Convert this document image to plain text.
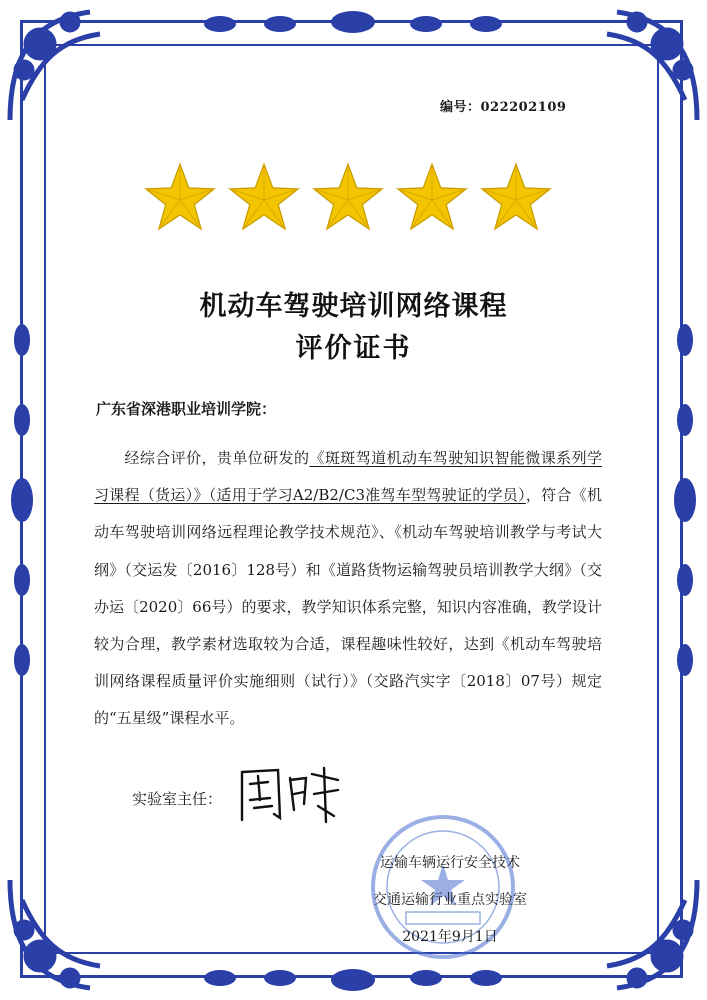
编号：022202109
机动车驾驶培训网络课程
评价证书
广东省深港职业培训学院：
经综合评价，贵单位研发的《斑斑驾道机动车驾驶知识智能微课系列学习课程（货运）》（适用于学习A2/B2/C3准驾车型驾驶证的学员），符合《机动车驾驶培训网络远程理论教学技术规范》、《机动车驾驶培训教学与考试大纲》（交运发〔2016〕128号）和《道路货物运输驾驶员培训教学大纲》（交办运〔2020〕66号）的要求，教学知识体系完整，知识内容准确，教学设计较为合理，教学素材选取较为合适，课程趣味性较好，达到《机动车驾驶培训网络课程质量评价实施细则（试行）》（交路汽实字〔2018〕07号）规定的“五星级”课程水平。
实验室主任：
运输车辆运行安全技术
交通运输行业重点实验室
2021年9月1日
